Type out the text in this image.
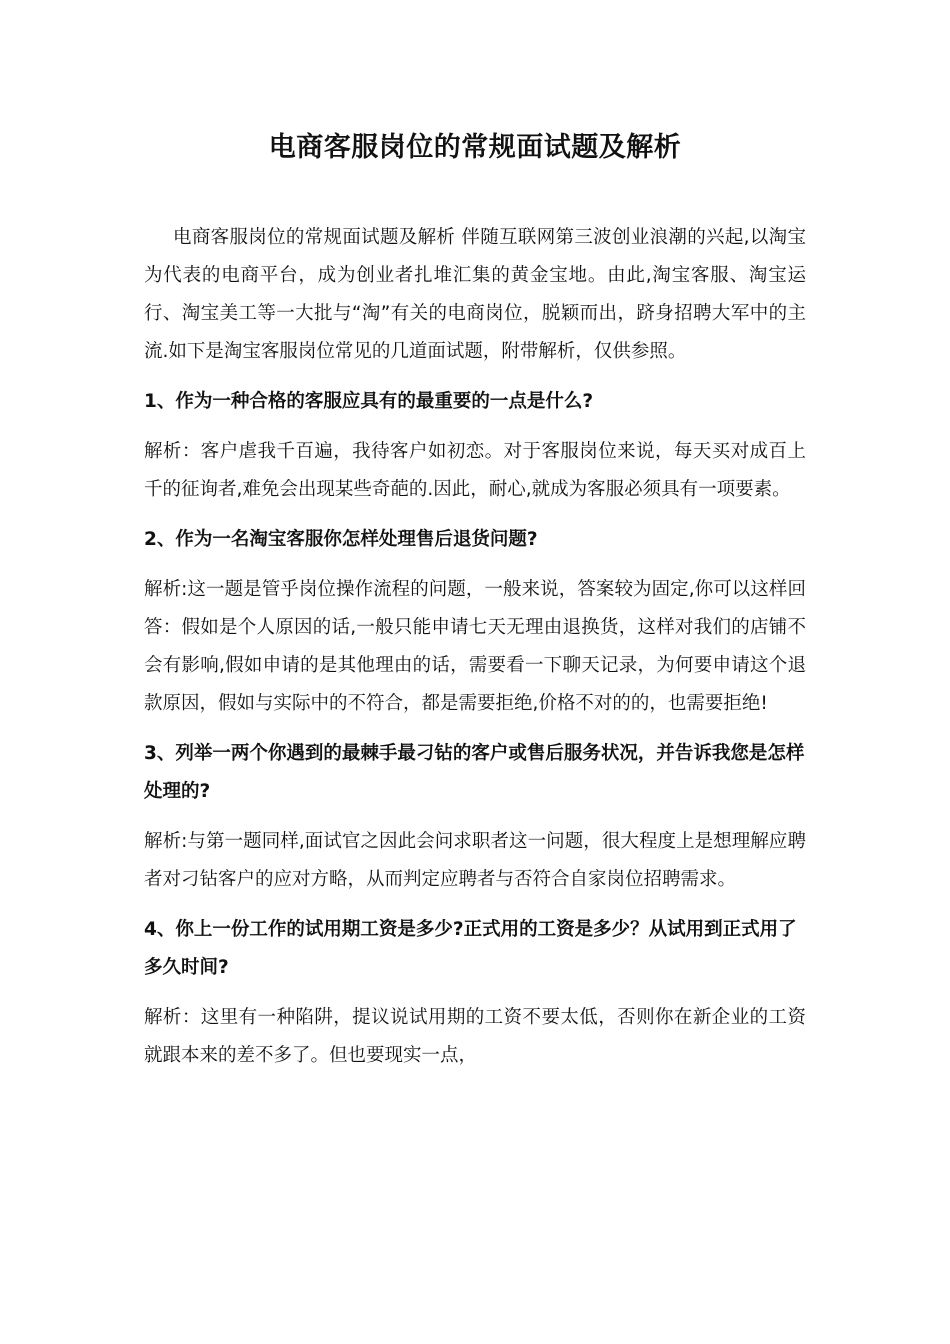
电商客服岗位的常规面试题及解析

电商客服岗位的常规面试题及解析 伴随互联网第三波创业浪潮的兴起,以淘宝为代表的电商平台，成为创业者扎堆汇集的黄金宝地。由此,淘宝客服、淘宝运行、淘宝美工等一大批与“淘”有关的电商岗位，脱颖而出，跻身招聘大军中的主流.如下是淘宝客服岗位常见的几道面试题，附带解析，仅供参照。

1、作为一种合格的客服应具有的最重要的一点是什么?

解析：客户虐我千百遍，我待客户如初恋。对于客服岗位来说，每天买对成百上千的征询者,难免会出现某些奇葩的.因此，耐心,就成为客服必须具有一项要素。

2、作为一名淘宝客服你怎样处理售后退货问题?

解析:这一题是管乎岗位操作流程的问题，一般来说，答案较为固定,你可以这样回答：假如是个人原因的话,一般只能申请七天无理由退换货，这样对我们的店铺不会有影响,假如申请的是其他理由的话，需要看一下聊天记录，为何要申请这个退款原因，假如与实际中的不符合，都是需要拒绝,价格不对的的，也需要拒绝!

3、列举一两个你遇到的最棘手最刁钻的客户或售后服务状况，并告诉我您是怎样处理的?

解析:与第一题同样,面试官之因此会问求职者这一问题，很大程度上是想理解应聘者对刁钻客户的应对方略，从而判定应聘者与否符合自家岗位招聘需求。

4、你上一份工作的试用期工资是多少?正式用的工资是多少？从试用到正式用了多久时间?

解析：这里有一种陷阱，提议说试用期的工资不要太低，否则你在新企业的工资就跟本来的差不多了。但也要现实一点，
